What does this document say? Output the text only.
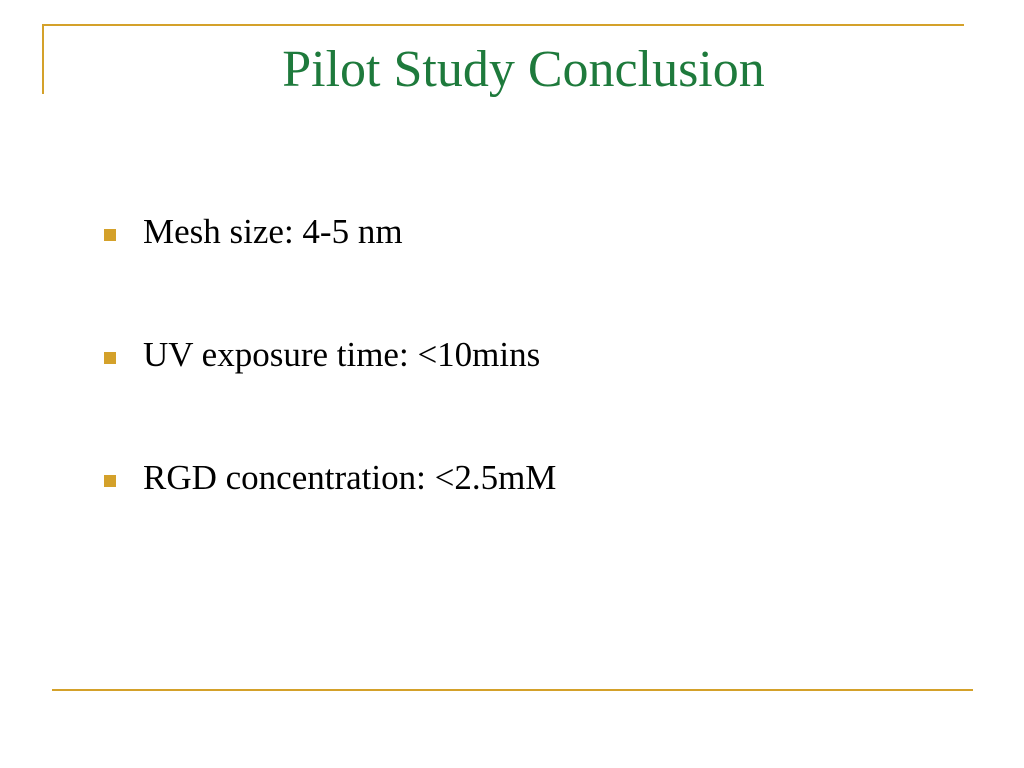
Pilot Study Conclusion
Mesh size: 4-5 nm
UV exposure time: <10mins
RGD concentration: <2.5mM
